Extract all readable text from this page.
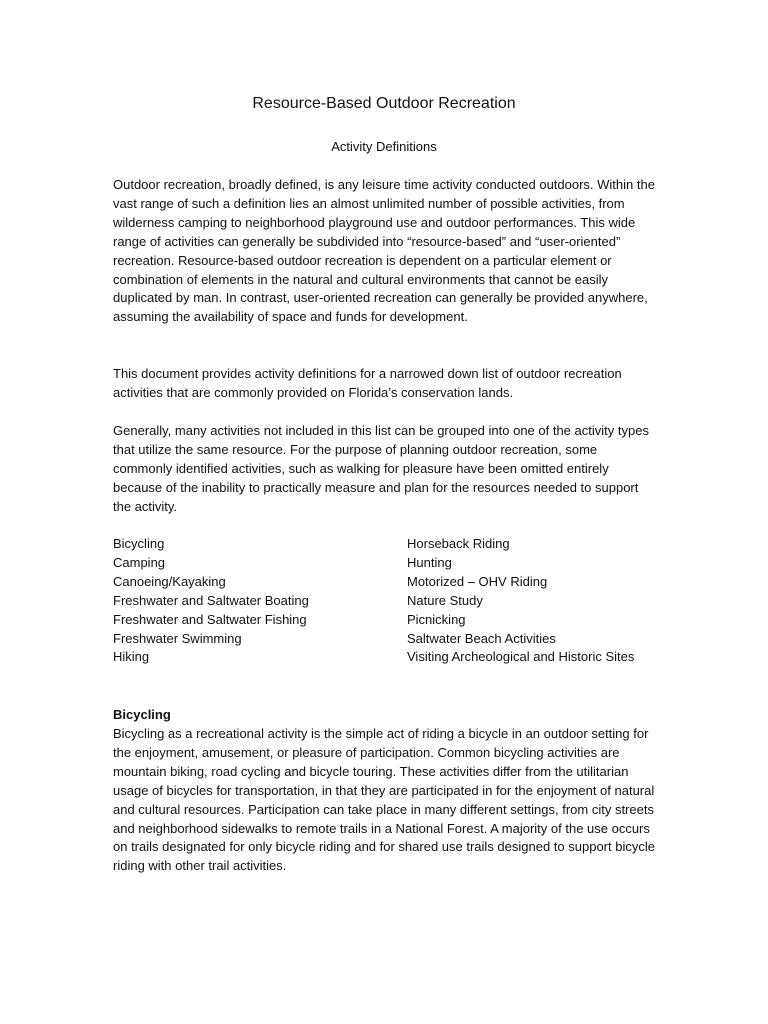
Resource-Based Outdoor Recreation
Activity Definitions

Outdoor recreation, broadly defined, is any leisure time activity conducted outdoors. Within the vast range of such a definition lies an almost unlimited number of possible activities, from wilderness camping to neighborhood playground use and outdoor performances. This wide range of activities can generally be subdivided into “resource-based” and “user-oriented” recreation. Resource-based outdoor recreation is dependent on a particular element or combination of elements in the natural and cultural environments that cannot be easily duplicated by man. In contrast, user-oriented recreation can generally be provided anywhere, assuming the availability of space and funds for development.

This document provides activity definitions for a narrowed down list of outdoor recreation activities that are commonly provided on Florida’s conservation lands.

Generally, many activities not included in this list can be grouped into one of the activity types that utilize the same resource. For the purpose of planning outdoor recreation, some commonly identified activities, such as walking for pleasure have been omitted entirely because of the inability to practically measure and plan for the resources needed to support the activity.

Bicycling
Camping
Canoeing/Kayaking
Freshwater and Saltwater Boating
Freshwater and Saltwater Fishing
Freshwater Swimming
Hiking
Horseback Riding
Hunting
Motorized – OHV Riding
Nature Study
Picnicking
Saltwater Beach Activities
Visiting Archeological and Historic Sites
Bicycling

Bicycling as a recreational activity is the simple act of riding a bicycle in an outdoor setting for the enjoyment, amusement, or pleasure of participation. Common bicycling activities are mountain biking, road cycling and bicycle touring. These activities differ from the utilitarian usage of bicycles for transportation, in that they are participated in for the enjoyment of natural and cultural resources. Participation can take place in many different settings, from city streets and neighborhood sidewalks to remote trails in a National Forest. A majority of the use occurs on trails designated for only bicycle riding and for shared use trails designed to support bicycle riding with other trail activities.
